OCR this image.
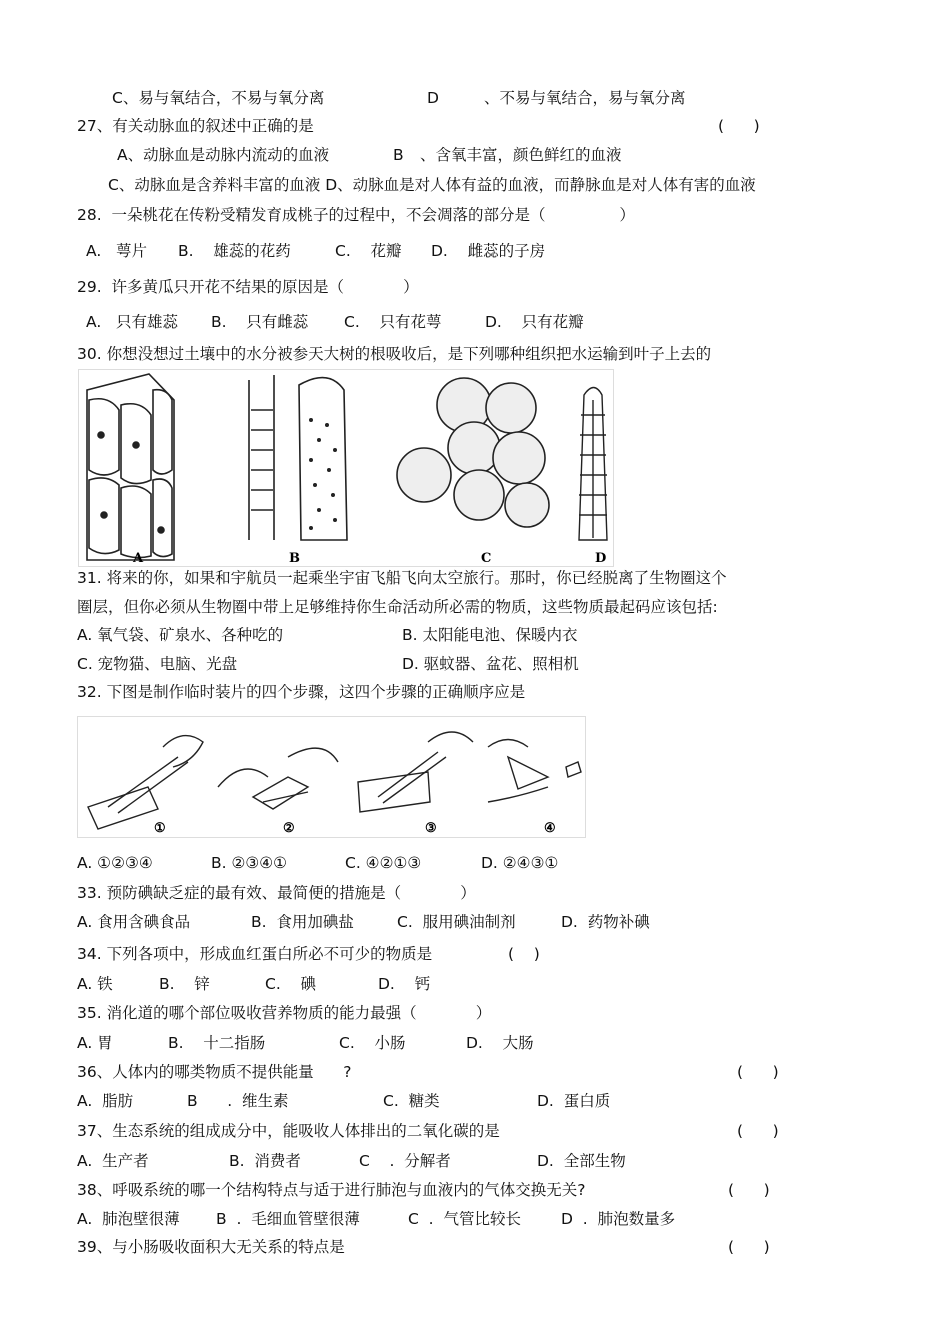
C、易与氧结合，不易与氧分离	D	、不易与氧结合，易与氧分离
27、有关动脉血的叙述中正确的是	(      )
A、动脉血是动脉内流动的血液	B 、含氧丰富，颜色鲜红的血液
C、动脉血是含养料丰富的血液 D、动脉血是对人体有益的血液，而静脉血是对人体有害的血液
28.  一朵桃花在传粉受精发育成桃子的过程中，不会凋落的部分是（               ）
A.   萼片 B.    雄蕊的花药	C.    花瓣 D.    雌蕊的子房
29.  许多黄瓜只开花不结果的原因是（            ）
A.   只有雄蕊 B.    只有雌蕊 C.    只有花萼	D.    只有花瓣
30. 你想没想过土壤中的水分被参天大树的根吸收后，是下列哪种组织把水运输到叶子上去的
A	B	C	D
31. 将来的你，如果和宇航员一起乘坐宇宙飞船飞向太空旅行。那时，你已经脱离了生物圈这个
圈层，但你必须从生物圈中带上足够维持你生命活动所必需的物质，这些物质最起码应该包括:
A. 氧气袋、矿泉水、各种吃的	B. 太阳能电池、保暖内衣
C. 宠物猫、电脑、光盘	D. 驱蚊器、盆花、照相机
32. 下图是制作临时装片的四个步骤，这四个步骤的正确顺序应是
①	②	③	④
A. ①②③④	B. ②③④①	C. ④②①③	D. ②④③①
33. 预防碘缺乏症的最有效、最简便的措施是（            ）
A. 食用含碘食品	B.  食用加碘盐	C.  服用碘油制剂	D.  药物补碘
34. 下列各项中，形成血红蛋白所必不可少的物质是	(    )
A. 铁	B.    锌	C.    碘	D.    钙
35. 消化道的哪个部位吸收营养物质的能力最强（            ）
A. 胃	B.    十二指肠	C.    小肠	D.    大肠
36、人体内的哪类物质不提供能量      ?	(      )
A.  脂肪	B      .  维生素	C.  糖类	D.  蛋白质
37、生态系统的组成成分中，能吸收人体排出的二氧化碳的是	(      )
A.  生产者	B.  消费者	C    .  分解者	D.  全部生物
38、呼吸系统的哪一个结构特点与适于进行肺泡与血液内的气体交换无关?	(      )
A.  肺泡壁很薄 B  .  毛细血管壁很薄	C  .  气管比较长	D  .  肺泡数量多
39、与小肠吸收面积大无关系的特点是	(      )
